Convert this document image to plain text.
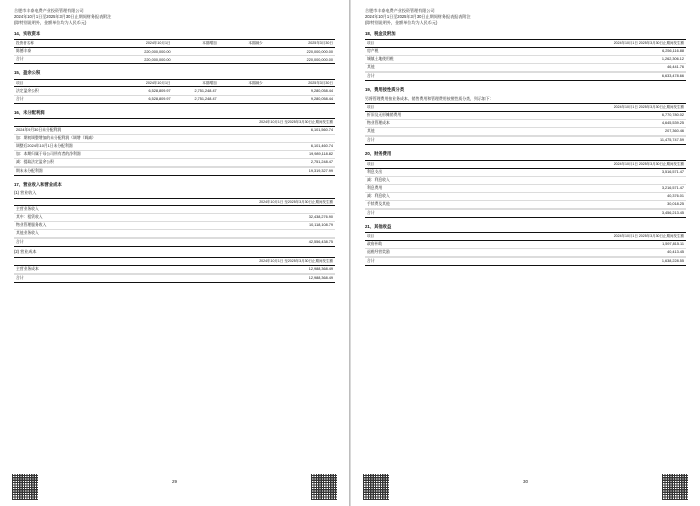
合肥市丰泰电费产业投资管理有限公司
2024年10月1日至2025年3月30日止期间财务报表附注
(除特别说明外，金额单位均为人民币元)
14、实收资本
投资者名称	2024年10月1日	本期增加	本期减少	2025年3月30日
陈德丰泰	220,000,000.00			220,000,000.00
合计	220,000,000.00			220,000,000.00
15、盈余公积
项目	2024年10月1日	本期增加	本期减少	2025年3月30日
法定盈余公积	6,528,809.97	2,751,248.47		9,280,058.44
合计	6,528,809.97	2,751,248.47		9,280,058.44
16、未分配利润

2024年10月1日 至2025年3月30日止期间发生额
2024年9月30日未分配利润	6,101,560.74
加：期初调整增加的未分配利润（调增（调减）
调整后2024年10月1日未分配利润	6,101,460.74
加：本期归属于母公司所有者的净利润	19,989,118.82
减：提取法定盈余公积	2,751,248.47
期末未分配利润	19,319,327.99
17、营业收入和营业成本
(1) 营业收入

2024年10月1日 至2025年3月30日止期间发生额
主营业务收入
其中：租赁收入	32,438,276.90
物业管理服务收入	10,118,108.79
其他业务收入
合计	42,556,438.75
(2) 营业成本

2024年10月1日 至2025年3月30日止期间发生额
主营业务成本	12,988,368.49
合计	12,988,368.49
29
合肥市丰泰电费产业投资管理有限公司
2024年10月1日至2025年3月30日止期间财务报表报表附注
(除特别说明外，金额单位均为人民币元)
18、税金及附加
项目	2024年10月1日 2025年3月30日止期间发生额
房产税	6,256,116.88
城镇土地使用税	1,262,306.12
其他	46,441.76
合计	6,633,478.66
19、费用按性质分类
另将管理费用按业务成本、销售费用和管理费用按照性质分类，列示如下：
项目	2024年10月1日 2025年3月30日止期间发生额
折旧及无形摊销费用	6,770,780.02
物业管理成本	4,645,539.25
其他	207,360.46
合计	11,475,747.59
20、财务费用
项目	2024年10月1日 2025年3月30日止期间发生额
利息支出	3,516,571.47
减：利息收入
利息费用	3,216,571.47
减：利息收入	40,376.01
手续费及其他	30,018.25
合计	3,456,213.45
21、其他收益
项目	2024年10月1日 2025年3月30日止期间发生额
政府补助	1,597,815.11
退税经营奖励	40,413.45
合计	1,638,228.55
30
